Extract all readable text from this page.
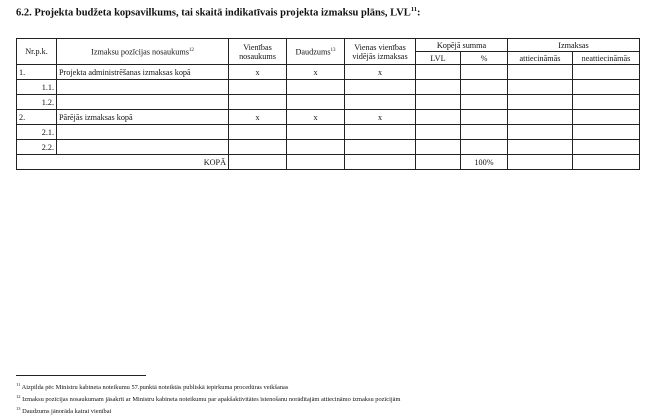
6.2. Projekta budžeta kopsavilkums, tai skaitā indikatīvais projekta izmaksu plāns, LVL$^{11}$:
Nr.p.k.	Izmaksu pozīcijas nosaukums$^{12}$	Vienības nosaukums	Daudzums$^{13}$	Vienas vienības vidējās izmaksas	Kopējā summa		Izmaksas	
					LVL	%	attiecināmās	neattiecināmās
1.	Projekta administrēšanas izmaksas kopā	x	x	x				
1.1.								
1.2.								
2.	Pārējās izmaksas kopā	x	x	x				
2.1.								
2.2.								
KOPĀ						100%		
$^{11}$ Aizpilda pēc Ministru kabineta noteikumu 57.punktā noteiktās publiskā iepirkuma procedūras veikšanas
$^{12}$ Izmaksu pozīcijas nosaukumam jāsakrīt ar Ministru kabineta noteikumu par apakšaktivitātes īstenošanu norādītajām attiecināmo izmaksu pozīcijām
$^{13}$ Daudzums jānorāda katrai vienībai
